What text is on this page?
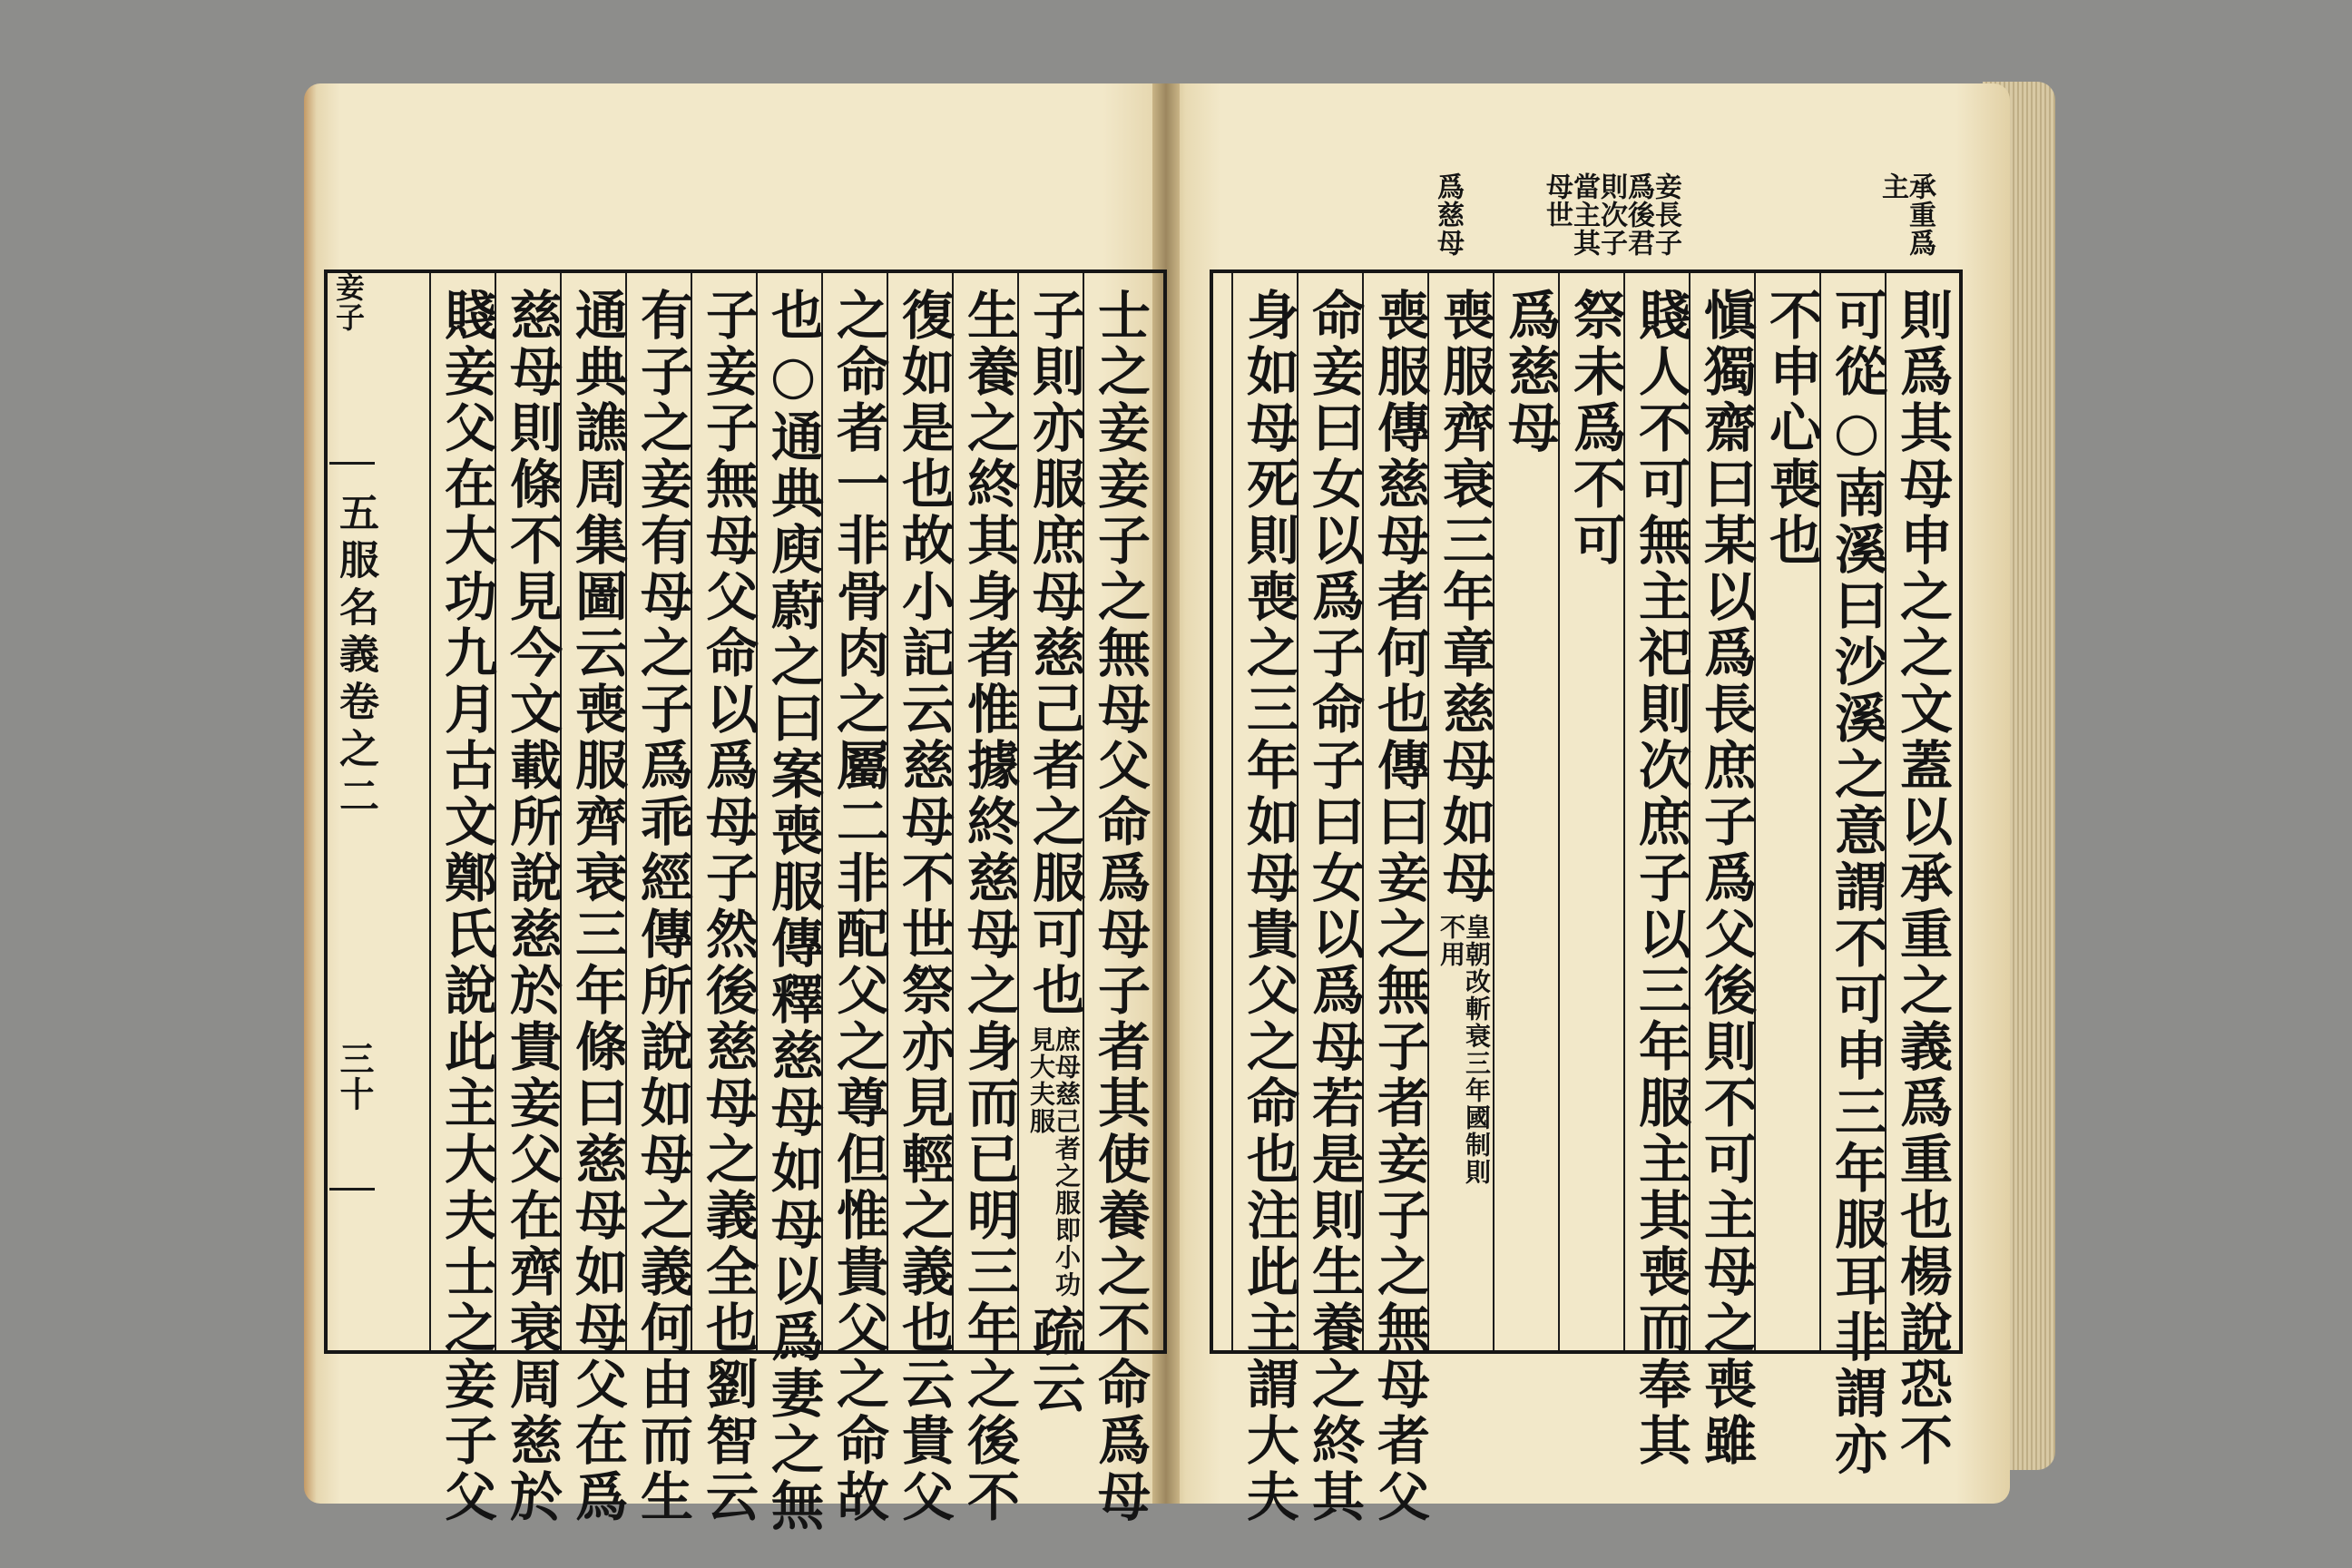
則爲其母申之之文蓋以承重之義爲重也楊說恐不
可從○南溪曰沙溪之意謂不可申三年服耳非謂亦
不申心喪也
愼獨齋曰某以爲長庶子爲父後則不可主母之喪雖
賤人不可無主祀則次庶子以三年服主其喪而奉其
祭未爲不可
爲慈母
喪服齊衰三年章慈母如母
皇朝改斬衰三年國制則不用
喪服傳慈母者何也傳曰妾之無子者妾子之無母者父
命妾曰女以爲子命子曰女以爲母若是則生養之終其
身如母死則喪之三年如母貴父之命也注此主謂大夫
承重爲主
妾長子爲後君則次子當主其母世
爲慈母
士之妾妾子之無母父命爲母子者其使養之不命爲母
子則亦服庶母慈己者之服可也
庶母慈己者之服即小功見大夫服
疏云
生養之終其身者惟據終慈母之身而已明三年之後不
復如是也故小記云慈母不世祭亦見輕之義也云貴父
之命者一非骨肉之屬二非配父之尊但惟貴父之命故
也○通典庾蔚之曰案喪服傳釋慈母如母以爲妻之無
子妾子無母父命以爲母子然後慈母之義全也劉智云
有子之妾有母之子爲乖經傳所說如母之義何由而生
通典譙周集圖云喪服齊衰三年條曰慈母如母父在爲
慈母則條不見今文載所說慈於貴妾父在齊衰周慈於
賤妾父在大功九月古文鄭氏說此主大夫士之妾子父
五服名義卷之二
三十
妾子
